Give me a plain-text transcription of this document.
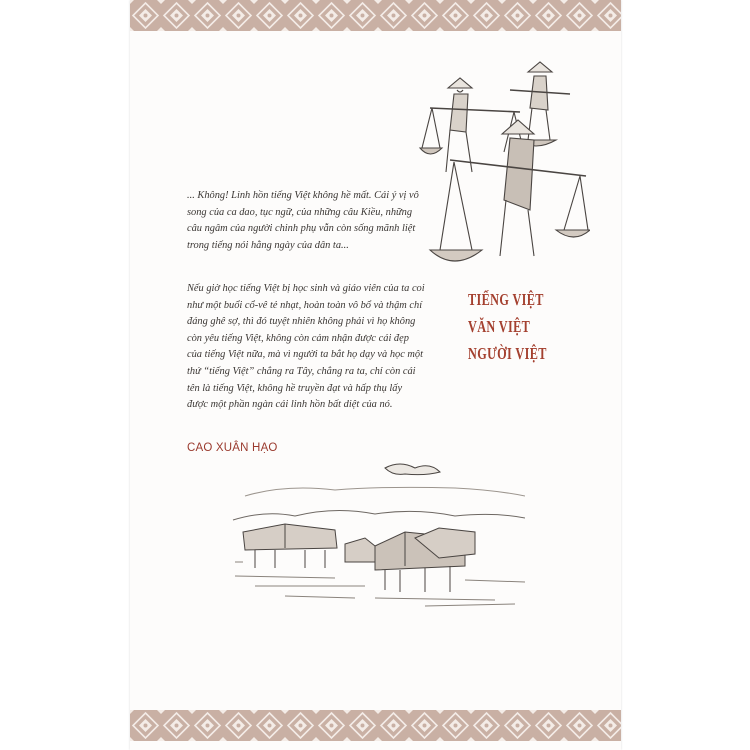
... Không! Linh hồn tiếng Việt không hề mất. Cái ý vị vô song của ca dao, tục ngữ, của những câu Kiều, những câu ngâm của người chinh phụ vẫn còn sống mãnh liệt trong tiếng nói hằng ngày của dân ta...

Nếu giờ học tiếng Việt bị học sinh và giáo viên của ta coi như một buổi cổ-vê tẻ nhạt, hoàn toàn vô bổ và thậm chí đáng ghê sợ, thì đó tuyệt nhiên không phải vì họ không còn yêu tiếng Việt, không còn cảm nhận được cái đẹp của tiếng Việt nữa, mà vì người ta bắt họ dạy và học một thứ “tiếng Việt” chẳng ra Tây, chẳng ra ta, chỉ còn cái tên là tiếng Việt, không hề truyền đạt và hấp thụ lấy được một phần ngàn cái linh hồn bất diệt của nó.

CAO XUÂN HẠO
TIẾNG VIỆT
VĂN VIỆT
NGƯỜI VIỆT
